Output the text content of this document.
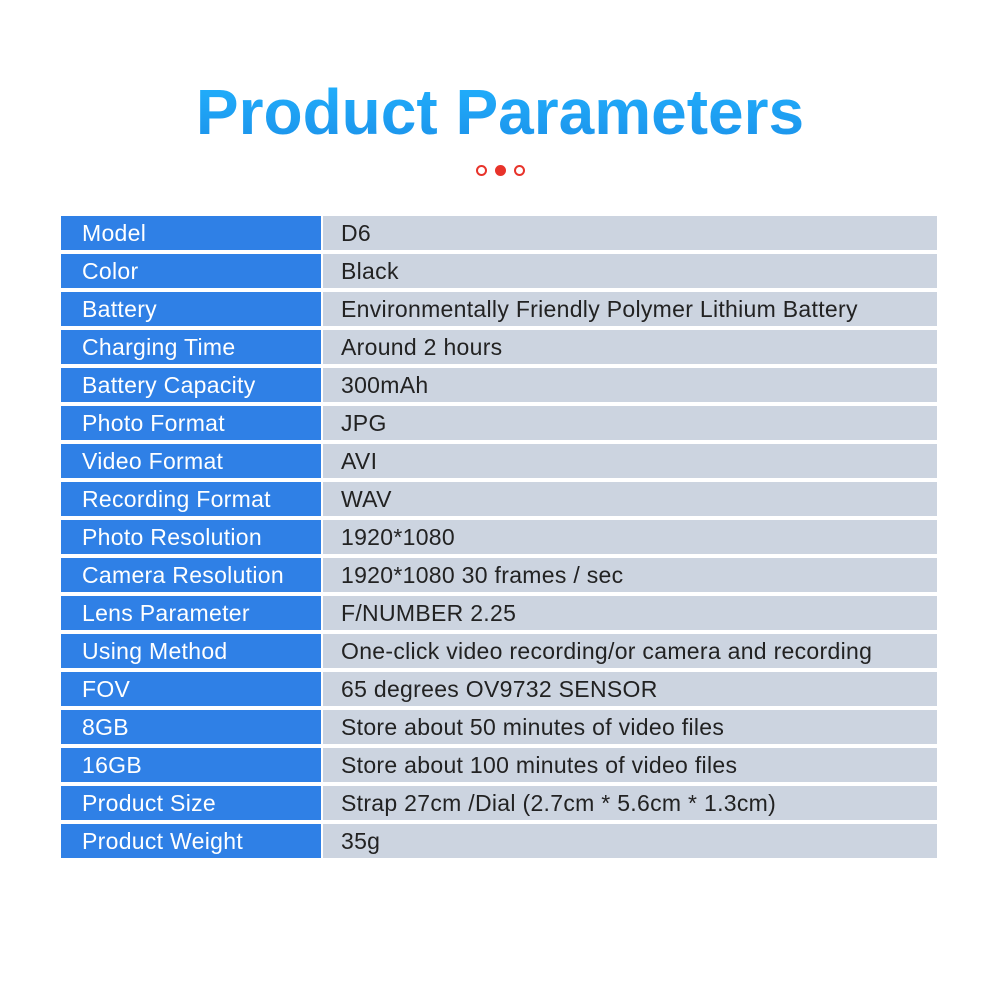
Product Parameters
Model	D6
Color	Black
Battery	Environmentally Friendly Polymer Lithium Battery
Charging Time	Around 2 hours
Battery Capacity	300mAh
Photo Format	JPG
Video Format	AVI
Recording Format	WAV
Photo Resolution	1920*1080
Camera Resolution	1920*1080 30 frames / sec
Lens Parameter	F/NUMBER 2.25
Using Method	One-click video recording/or camera and recording
FOV	65 degrees OV9732 SENSOR
8GB	Store about 50 minutes of video files
16GB	Store about 100 minutes of video files
Product Size	Strap 27cm /Dial (2.7cm * 5.6cm * 1.3cm)
Product Weight	35g
